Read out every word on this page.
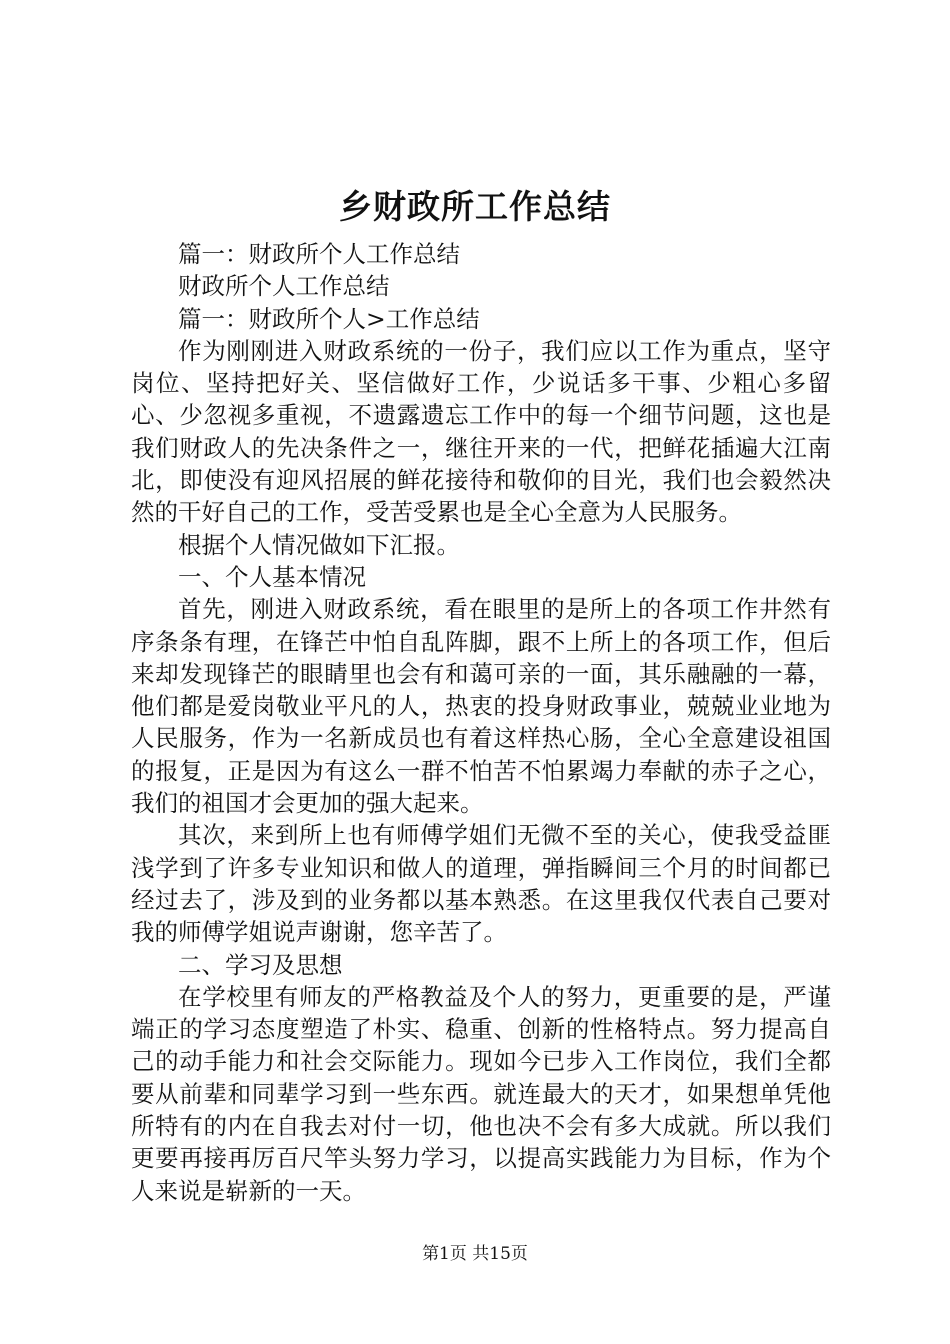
乡财政所工作总结

篇一：财政所个人工作总结

财政所个人工作总结

篇一：财政所个人>工作总结

作为刚刚进入财政系统的一份子，我们应以工作为重点，坚守岗位、坚持把好关、坚信做好工作，少说话多干事、少粗心多留心、少忽视多重视，不遗露遗忘工作中的每一个细节问题，这也是我们财政人的先决条件之一，继往开来的一代，把鲜花插遍大江南北，即使没有迎风招展的鲜花接待和敬仰的目光，我们也会毅然决然的干好自己的工作，受苦受累也是全心全意为人民服务。

根据个人情况做如下汇报。

一、个人基本情况

首先，刚进入财政系统，看在眼里的是所上的各项工作井然有序条条有理，在锋芒中怕自乱阵脚，跟不上所上的各项工作，但后来却发现锋芒的眼睛里也会有和蔼可亲的一面，其乐融融的一幕，他们都是爱岗敬业平凡的人，热衷的投身财政事业，兢兢业业地为人民服务，作为一名新成员也有着这样热心肠，全心全意建设祖国的报复，正是因为有这么一群不怕苦不怕累竭力奉献的赤子之心，我们的祖国才会更加的强大起来。

其次，来到所上也有师傅学姐们无微不至的关心，使我受益匪浅学到了许多专业知识和做人的道理，弹指瞬间三个月的时间都已经过去了，涉及到的业务都以基本熟悉。在这里我仅代表自己要对我的师傅学姐说声谢谢，您辛苦了。

二、学习及思想

在学校里有师友的严格教益及个人的努力，更重要的是，严谨端正的学习态度塑造了朴实、稳重、创新的性格特点。努力提高自己的动手能力和社会交际能力。现如今已步入工作岗位，我们全都要从前辈和同辈学习到一些东西。就连最大的天才，如果想单凭他所特有的内在自我去对付一切，他也决不会有多大成就。所以我们更要再接再厉百尺竿头努力学习，以提高实践能力为目标，作为个人来说是崭新的一天。

第1页 共15页
